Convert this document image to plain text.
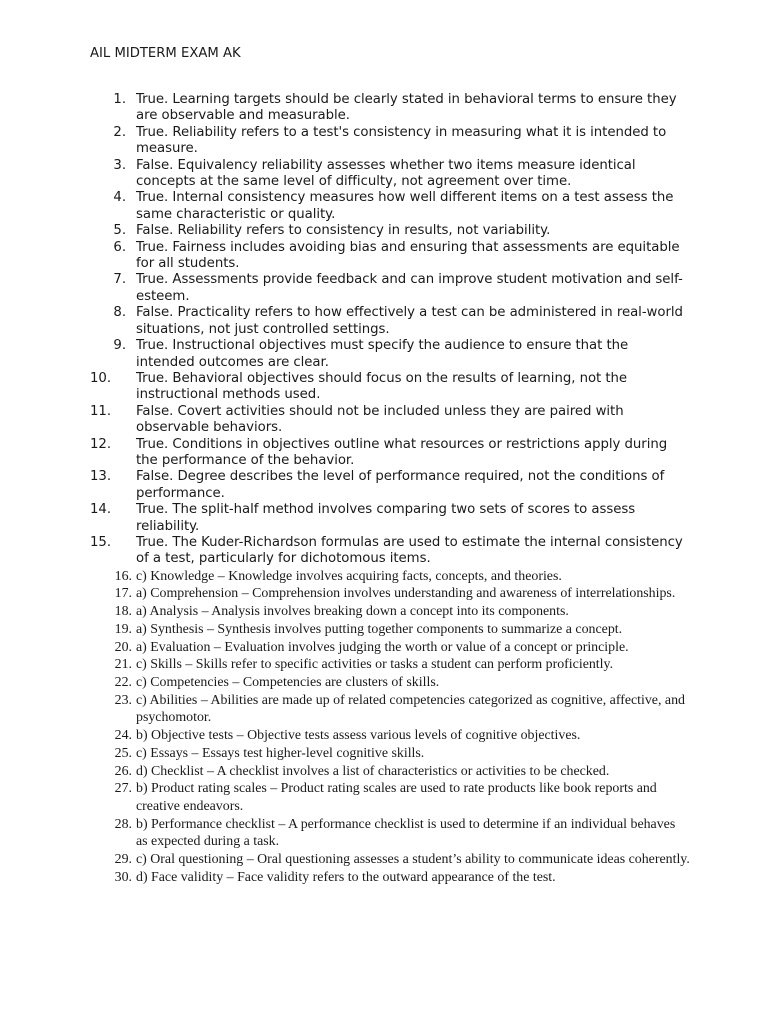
AIL MIDTERM EXAM AK
1. True. Learning targets should be clearly stated in behavioral terms to ensure they are observable and measurable.
2. True. Reliability refers to a test's consistency in measuring what it is intended to measure.
3. False. Equivalency reliability assesses whether two items measure identical concepts at the same level of difficulty, not agreement over time.
4. True. Internal consistency measures how well different items on a test assess the same characteristic or quality.
5. False. Reliability refers to consistency in results, not variability.
6. True. Fairness includes avoiding bias and ensuring that assessments are equitable for all students.
7. True. Assessments provide feedback and can improve student motivation and self-esteem.
8. False. Practicality refers to how effectively a test can be administered in real-world situations, not just controlled settings.
9. True. Instructional objectives must specify the audience to ensure that the intended outcomes are clear.
10.	True. Behavioral objectives should focus on the results of learning, not the instructional methods used.
11.	False. Covert activities should not be included unless they are paired with observable behaviors.
12.	True. Conditions in objectives outline what resources or restrictions apply during the performance of the behavior.
13.	False. Degree describes the level of performance required, not the conditions of performance.
14.	True. The split-half method involves comparing two sets of scores to assess reliability.
15.	True. The Kuder-Richardson formulas are used to estimate the internal consistency of a test, particularly for dichotomous items.
16. c) Knowledge – Knowledge involves acquiring facts, concepts, and theories.
17. a) Comprehension – Comprehension involves understanding and awareness of interrelationships.
18. a) Analysis – Analysis involves breaking down a concept into its components.
19. a) Synthesis – Synthesis involves putting together components to summarize a concept.
20. a) Evaluation – Evaluation involves judging the worth or value of a concept or principle.
21. c) Skills – Skills refer to specific activities or tasks a student can perform proficiently.
22. c) Competencies – Competencies are clusters of skills.
23. c) Abilities – Abilities are made up of related competencies categorized as cognitive, affective, and psychomotor.
24. b) Objective tests – Objective tests assess various levels of cognitive objectives.
25. c) Essays – Essays test higher-level cognitive skills.
26. d) Checklist – A checklist involves a list of characteristics or activities to be checked.
27. b) Product rating scales – Product rating scales are used to rate products like book reports and creative endeavors.
28. b) Performance checklist – A performance checklist is used to determine if an individual behaves as expected during a task.
29. c) Oral questioning – Oral questioning assesses a student’s ability to communicate ideas coherently.
30. d) Face validity – Face validity refers to the outward appearance of the test.
